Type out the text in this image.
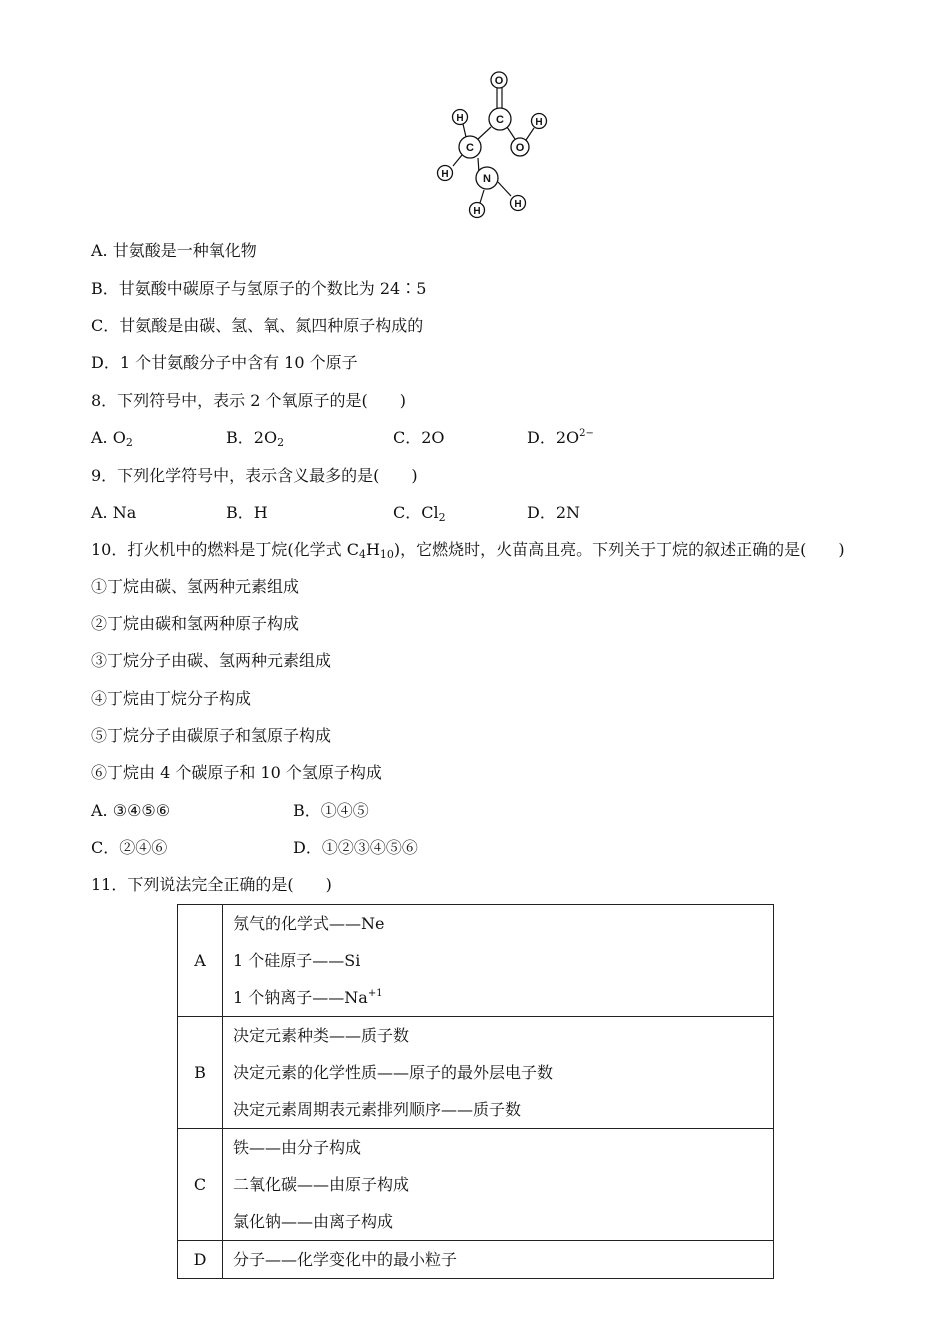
O
C
H	H
C	O
H	N
H
H
A. 甘氨酸是一种氧化物
B．甘氨酸中碳原子与氢原子的个数比为 24∶5
C．甘氨酸是由碳、氢、氧、氮四种原子构成的
D．1 个甘氨酸分子中含有 10 个原子
8．下列符号中，表示 2 个氧原子的是(　　)
A. $O_2$	B．$2O_2$	C．2O	D．$2O^{2-}$
9．下列化学符号中，表示含义最多的是(　　)
A. Na	B．H	C．$Cl_2$	D．2N
10．打火机中的燃料是丁烷(化学式 $C_4H_{10}$)，它燃烧时，火苗高且亮。下列关于丁烷的叙述正确的是(　　)
①丁烷由碳、氢两种元素组成
②丁烷由碳和氢两种原子构成
③丁烷分子由碳、氢两种元素组成
④丁烷由丁烷分子构成
⑤丁烷分子由碳原子和氢原子构成
⑥丁烷由 4 个碳原子和 10 个氢原子构成
A. ③④⑤⑥	B．①④⑤
C．②④⑥	D．①②③④⑤⑥
11．下列说法完全正确的是(　　)
A	氖气的化学式——Ne
1 个硅原子——Si
1 个钠离子$——Na^{+1}$

B	决定元素种类——质子数
决定元素的化学性质——原子的最外层电子数
决定元素周期表元素排列顺序——质子数

C	铁——由分子构成
二氧化碳——由原子构成
氯化钠——由离子构成

D	分子——化学变化中的最小粒子
